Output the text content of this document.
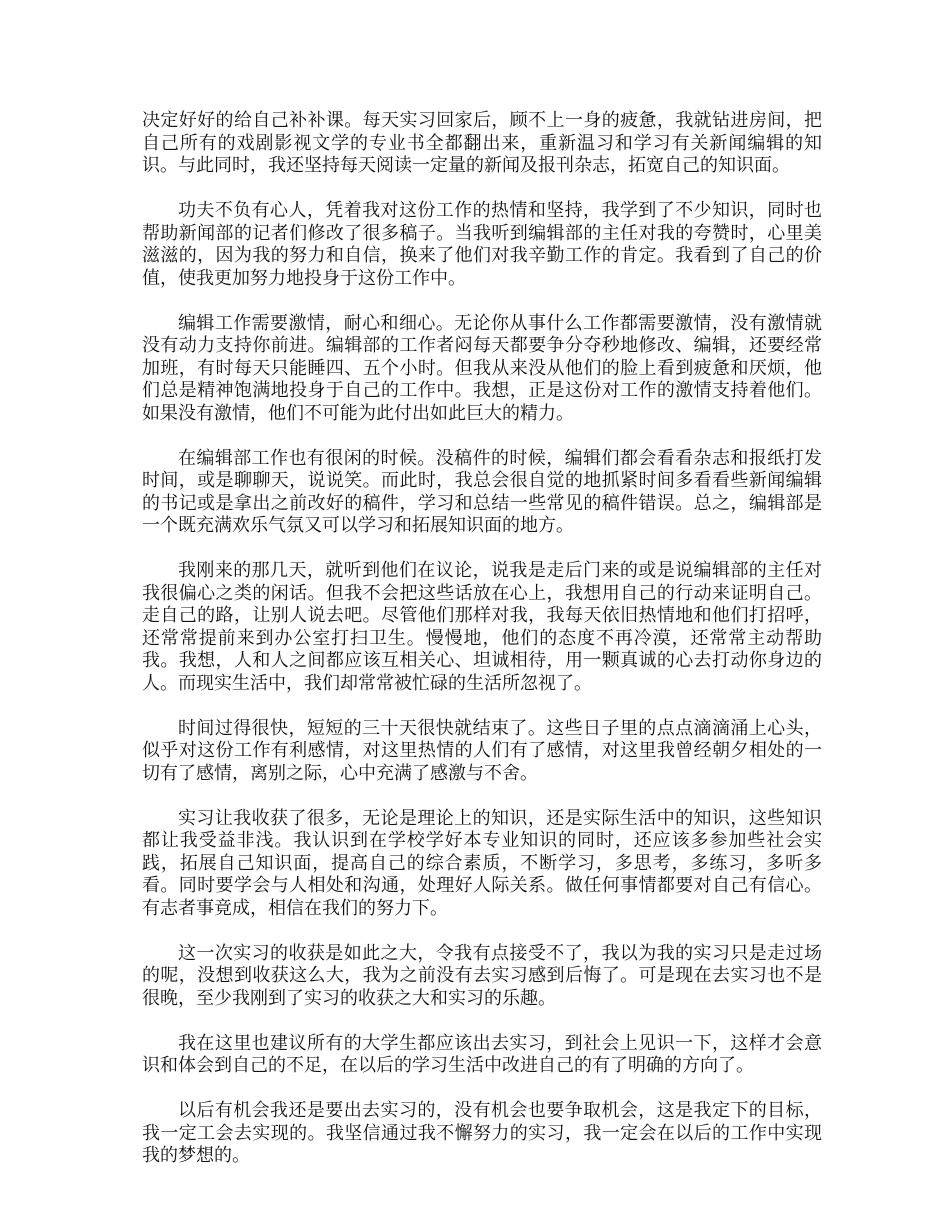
决定好好的给自己补补课。每天实习回家后，顾不上一身的疲惫，我就钻进房间，把自己所有的戏剧影视文学的专业书全都翻出来，重新温习和学习有关新闻编辑的知识。与此同时，我还坚持每天阅读一定量的新闻及报刊杂志，拓宽自己的知识面。

功夫不负有心人，凭着我对这份工作的热情和坚持，我学到了不少知识，同时也帮助新闻部的记者们修改了很多稿子。当我听到编辑部的主任对我的夸赞时，心里美滋滋的，因为我的努力和自信，换来了他们对我辛勤工作的肯定。我看到了自己的价值，使我更加努力地投身于这份工作中。

编辑工作需要激情，耐心和细心。无论你从事什么工作都需要激情，没有激情就没有动力支持你前进。编辑部的工作者闷每天都要争分夺秒地修改、编辑，还要经常加班，有时每天只能睡四、五个小时。但我从来没从他们的脸上看到疲惫和厌烦，他们总是精神饱满地投身于自己的工作中。我想，正是这份对工作的激情支持着他们。如果没有激情，他们不可能为此付出如此巨大的精力。

在编辑部工作也有很闲的时候。没稿件的时候，编辑们都会看看杂志和报纸打发时间，或是聊聊天，说说笑。而此时，我总会很自觉的地抓紧时间多看看些新闻编辑的书记或是拿出之前改好的稿件，学习和总结一些常见的稿件错误。总之，编辑部是一个既充满欢乐气氛又可以学习和拓展知识面的地方。

我刚来的那几天，就听到他们在议论，说我是走后门来的或是说编辑部的主任对我很偏心之类的闲话。但我不会把这些话放在心上，我想用自己的行动来证明自己。走自己的路，让别人说去吧。尽管他们那样对我，我每天依旧热情地和他们打招呼，还常常提前来到办公室打扫卫生。慢慢地，他们的态度不再冷漠，还常常主动帮助我。我想，人和人之间都应该互相关心、坦诚相待，用一颗真诚的心去打动你身边的人。而现实生活中，我们却常常被忙碌的生活所忽视了。

时间过得很快，短短的三十天很快就结束了。这些日子里的点点滴滴涌上心头，似乎对这份工作有利感情，对这里热情的人们有了感情，对这里我曾经朝夕相处的一切有了感情，离别之际，心中充满了感激与不舍。

实习让我收获了很多，无论是理论上的知识，还是实际生活中的知识，这些知识都让我受益非浅。我认识到在学校学好本专业知识的同时，还应该多参加些社会实践，拓展自己知识面，提高自己的综合素质，不断学习，多思考，多练习，多听多看。同时要学会与人相处和沟通，处理好人际关系。做任何事情都要对自己有信心。有志者事竟成，相信在我们的努力下。

这一次实习的收获是如此之大，令我有点接受不了，我以为我的实习只是走过场的呢，没想到收获这么大，我为之前没有去实习感到后悔了。可是现在去实习也不是很晚，至少我刚到了实习的收获之大和实习的乐趣。

我在这里也建议所有的大学生都应该出去实习，到社会上见识一下，这样才会意识和体会到自己的不足，在以后的学习生活中改进自己的有了明确的方向了。

以后有机会我还是要出去实习的，没有机会也要争取机会，这是我定下的目标，我一定工会去实现的。我坚信通过我不懈努力的实习，我一定会在以后的工作中实现我的梦想的。
